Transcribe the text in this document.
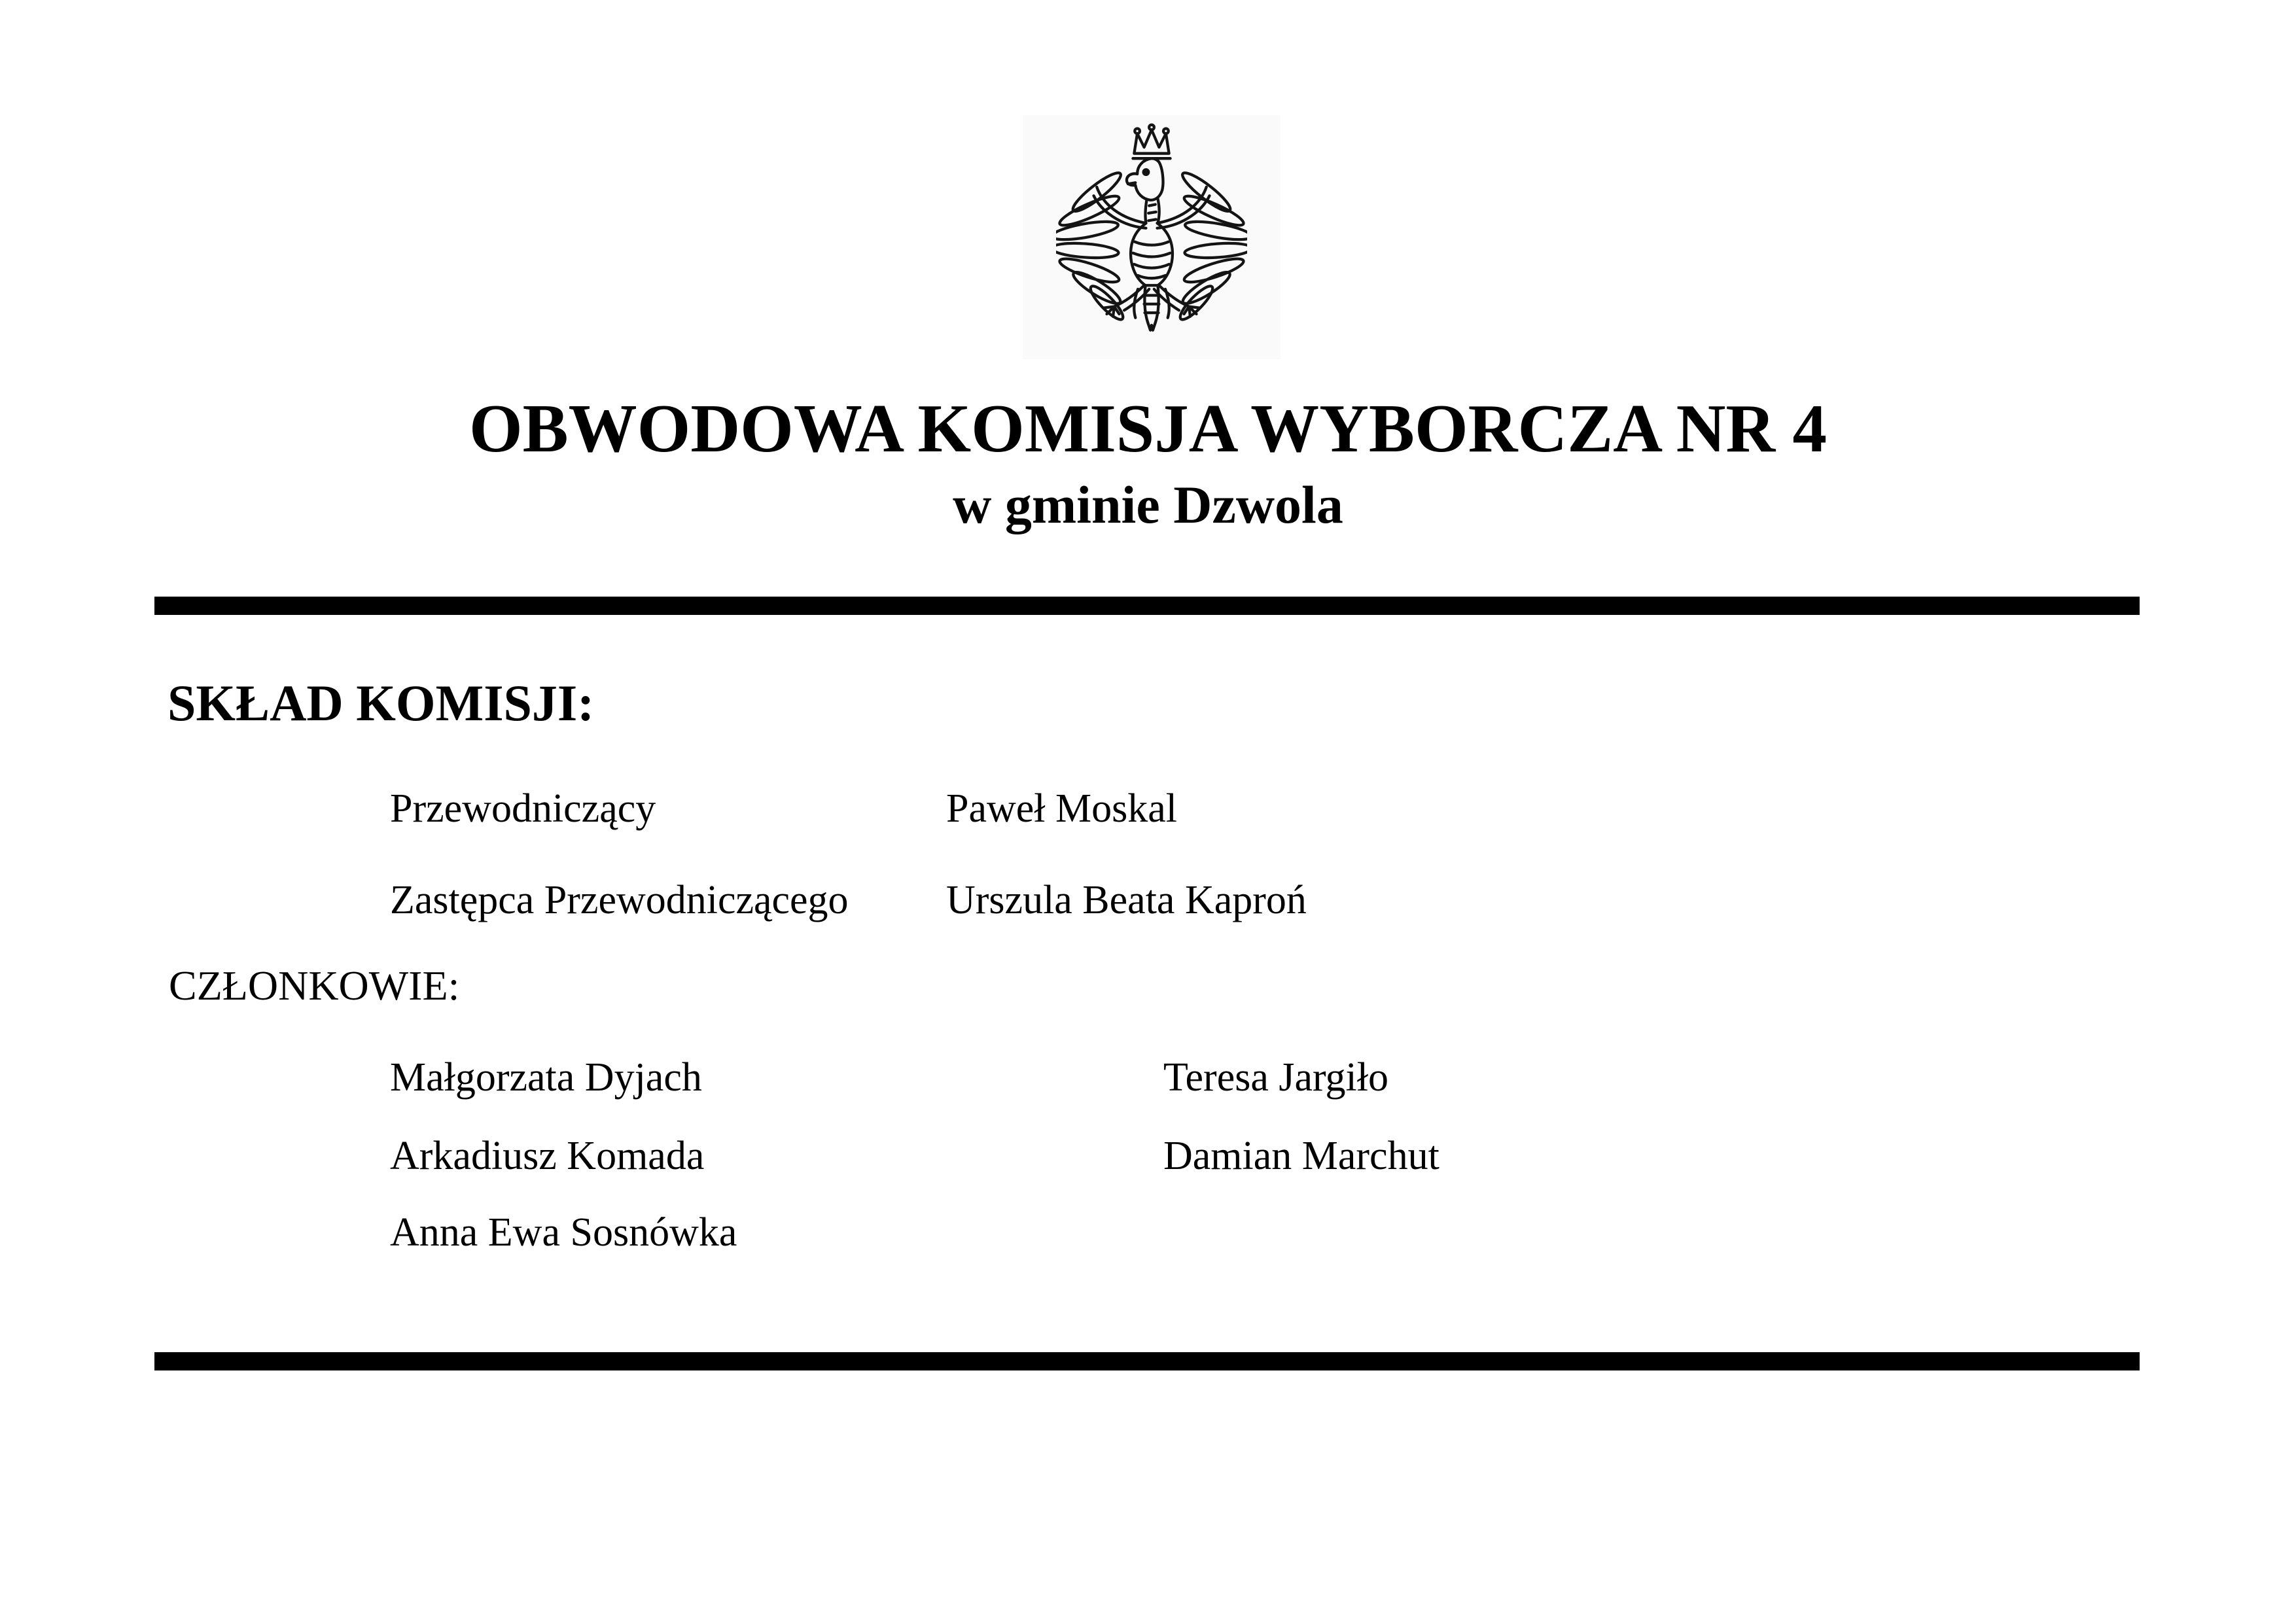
OBWODOWA KOMISJA WYBORCZA NR 4
w gminie Dzwola
SKŁAD KOMISJI:
Przewodniczący	Paweł Moskal
Zastępca Przewodniczącego Urszula Beata Kaproń
CZŁONKOWIE:
Małgorzata Dyjach	Teresa Jargiło
Arkadiusz Komada	Damian Marchut
Anna Ewa Sosnówka
